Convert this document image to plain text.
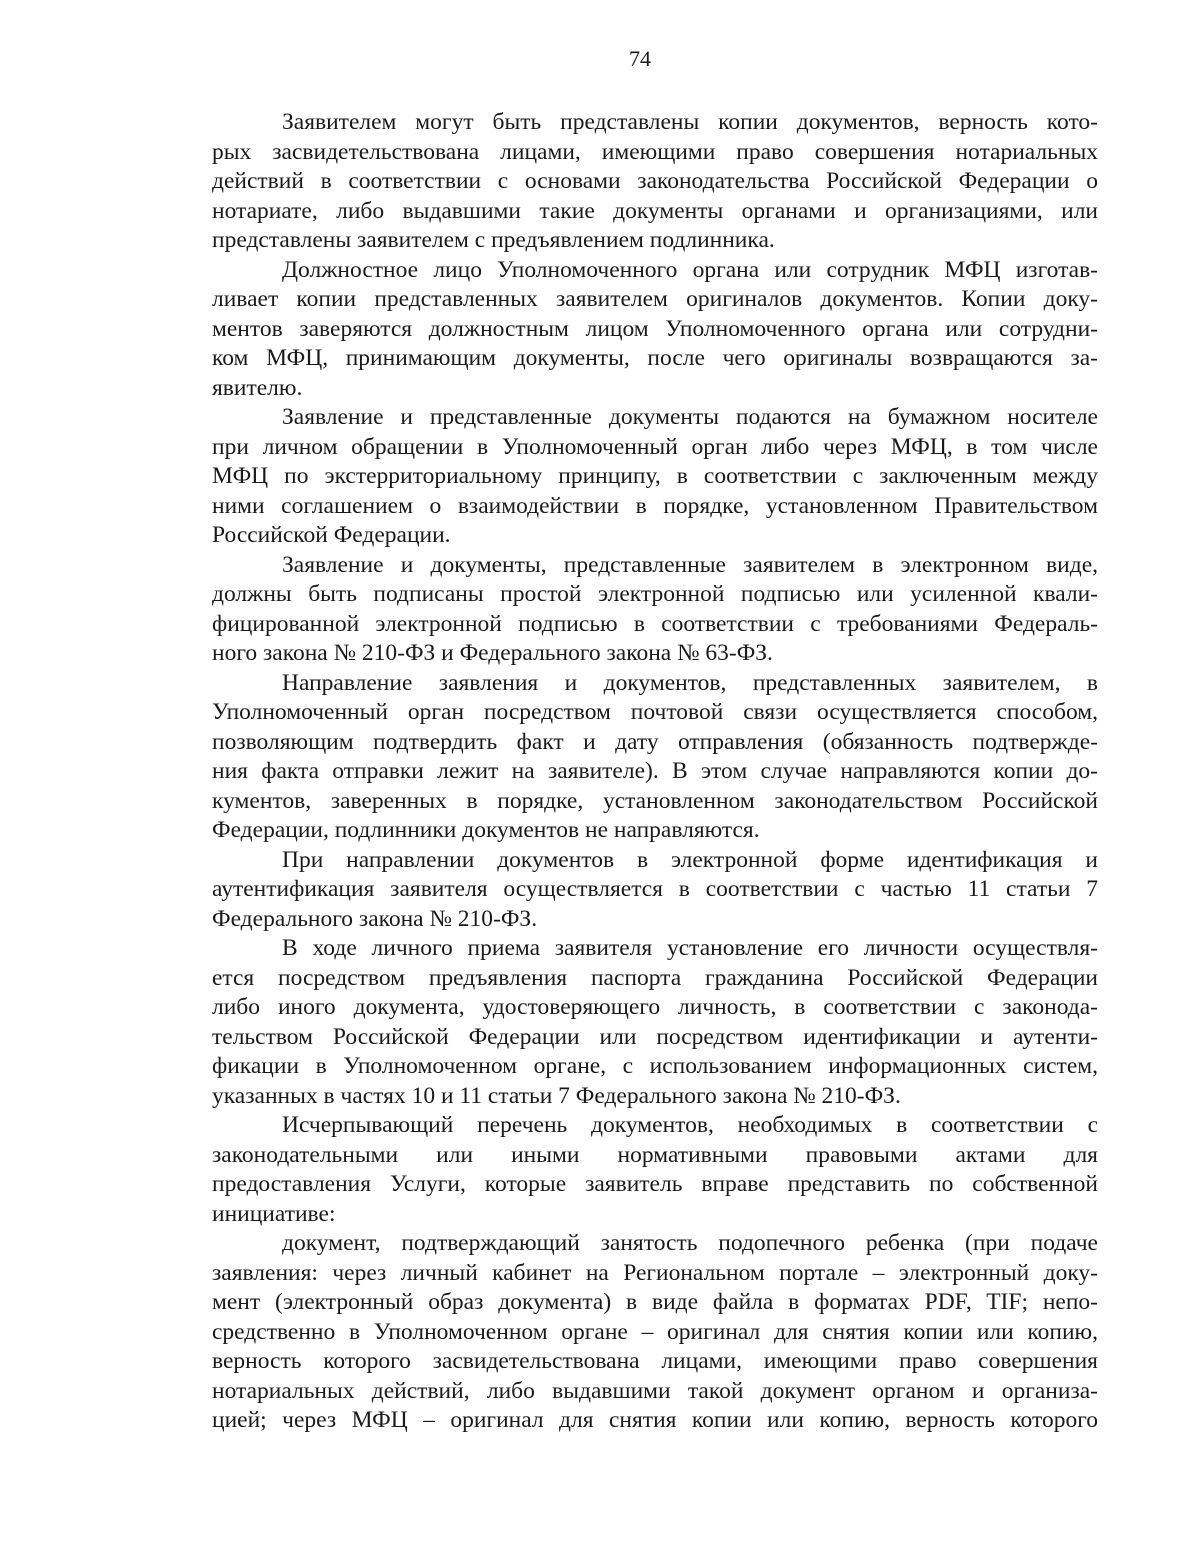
74
Заявителем могут быть представлены копии документов, верность кото-
рых засвидетельствована лицами, имеющими право совершения нотариальных
действий в соответствии с основами законодательства Российской Федерации о
нотариате, либо выдавшими такие документы органами и организациями, или
представлены заявителем с предъявлением подлинника.
Должностное лицо Уполномоченного органа или сотрудник МФЦ изготав-
ливает копии представленных заявителем оригиналов документов. Копии доку-
ментов заверяются должностным лицом Уполномоченного органа или сотрудни-
ком МФЦ, принимающим документы, после чего оригиналы возвращаются за-
явителю.
Заявление и представленные документы подаются на бумажном носителе
при личном обращении в Уполномоченный орган либо через МФЦ, в том числе
МФЦ по экстерриториальному принципу, в соответствии с заключенным между
ними соглашением о взаимодействии в порядке, установленном Правительством
Российской Федерации.
Заявление и документы, представленные заявителем в электронном виде,
должны быть подписаны простой электронной подписью или усиленной квали-
фицированной электронной подписью в соответствии с требованиями Федераль-
ного закона № 210-ФЗ и Федерального закона № 63-ФЗ.
Направление заявления и документов, представленных заявителем, в
Уполномоченный орган посредством почтовой связи осуществляется способом,
позволяющим подтвердить факт и дату отправления (обязанность подтвержде-
ния факта отправки лежит на заявителе). В этом случае направляются копии до-
кументов, заверенных в порядке, установленном законодательством Российской
Федерации, подлинники документов не направляются.
При направлении документов в электронной форме идентификация и
аутентификация заявителя осуществляется в соответствии с частью 11 статьи 7
Федерального закона № 210-ФЗ.
В ходе личного приема заявителя установление его личности осуществля-
ется посредством предъявления паспорта гражданина Российской Федерации
либо иного документа, удостоверяющего личность, в соответствии с законода-
тельством Российской Федерации или посредством идентификации и аутенти-
фикации в Уполномоченном органе, с использованием информационных систем,
указанных в частях 10 и 11 статьи 7 Федерального закона № 210-ФЗ.
Исчерпывающий перечень документов, необходимых в соответствии с
законодательными или иными нормативными правовыми актами для
предоставления Услуги, которые заявитель вправе представить по собственной
инициативе:
документ, подтверждающий занятость подопечного ребенка (при подаче
заявления: через личный кабинет на Региональном портале – электронный доку-
мент (электронный образ документа) в виде файла в форматах PDF, TIF; непо-
средственно в Уполномоченном органе – оригинал для снятия копии или копию,
верность которого засвидетельствована лицами, имеющими право совершения
нотариальных действий, либо выдавшими такой документ органом и организа-
цией; через МФЦ – оригинал для снятия копии или копию, верность которого
